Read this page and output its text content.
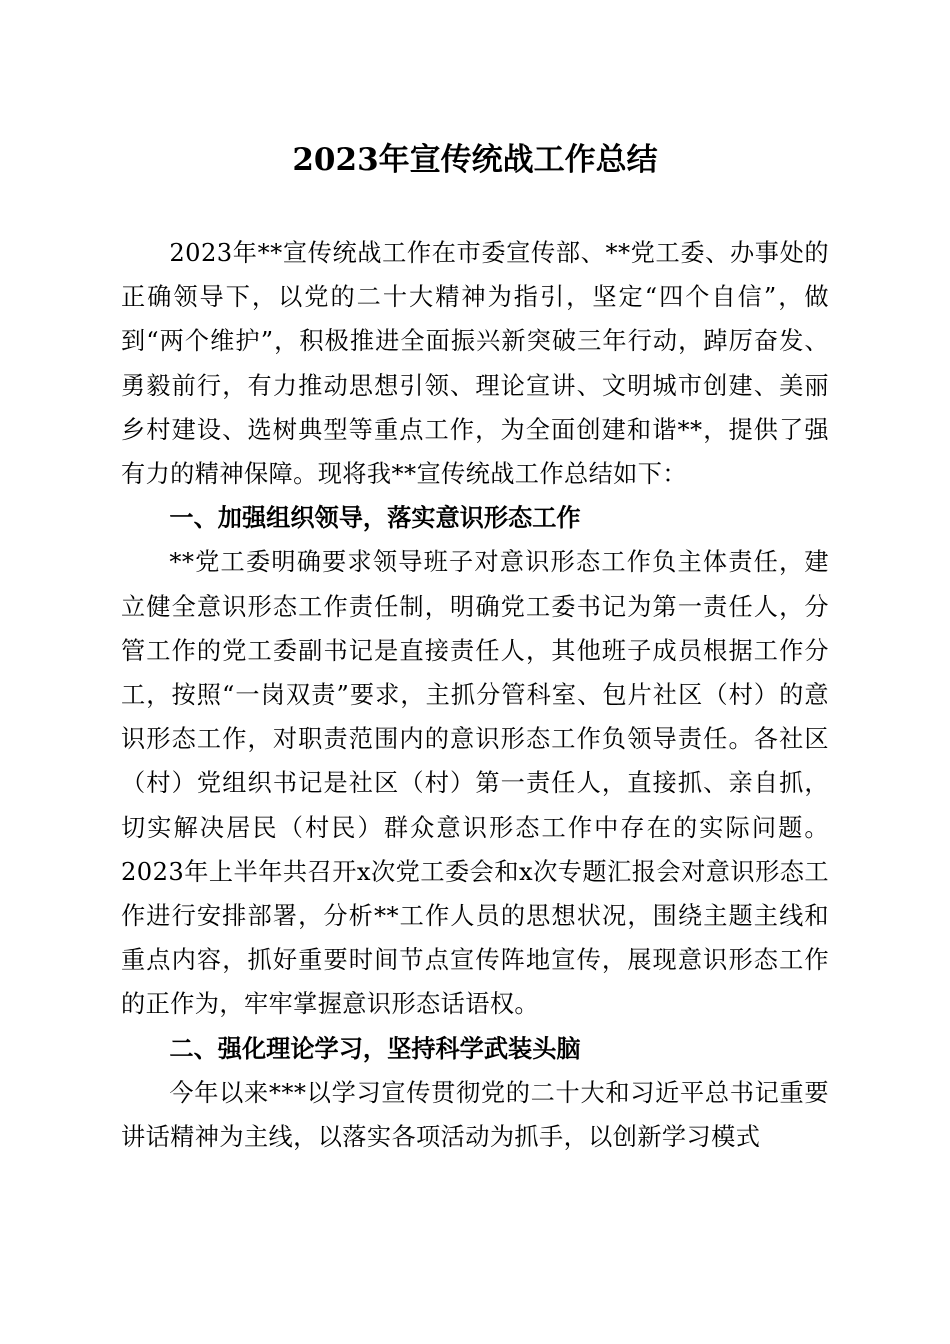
2023年宣传统战工作总结

2023年**宣传统战工作在市委宣传部、**党工委、办事处的正确领导下，以党的二十大精神为指引，坚定“四个自信”，做到“两个维护”，积极推进全面振兴新突破三年行动，踔厉奋发、勇毅前行，有力推动思想引领、理论宣讲、文明城市创建、美丽乡村建设、选树典型等重点工作，为全面创建和谐**，提供了强有力的精神保障。现将我**宣传统战工作总结如下：

一、加强组织领导，落实意识形态工作

**党工委明确要求领导班子对意识形态工作负主体责任，建立健全意识形态工作责任制，明确党工委书记为第一责任人，分管工作的党工委副书记是直接责任人，其他班子成员根据工作分工，按照“一岗双责”要求，主抓分管科室、包片社区（村）的意识形态工作，对职责范围内的意识形态工作负领导责任。各社区（村）党组织书记是社区（村）第一责任人，直接抓、亲自抓，切实解决居民（村民）群众意识形态工作中存在的实际问题。2023年上半年共召开x次党工委会和x次专题汇报会对意识形态工作进行安排部署，分析**工作人员的思想状况，围绕主题主线和重点内容，抓好重要时间节点宣传阵地宣传，展现意识形态工作的正作为，牢牢掌握意识形态话语权。

二、强化理论学习，坚持科学武装头脑

今年以来***以学习宣传贯彻党的二十大和习近平总书记重要讲话精神为主线，以落实各项活动为抓手，以创新学习模式
